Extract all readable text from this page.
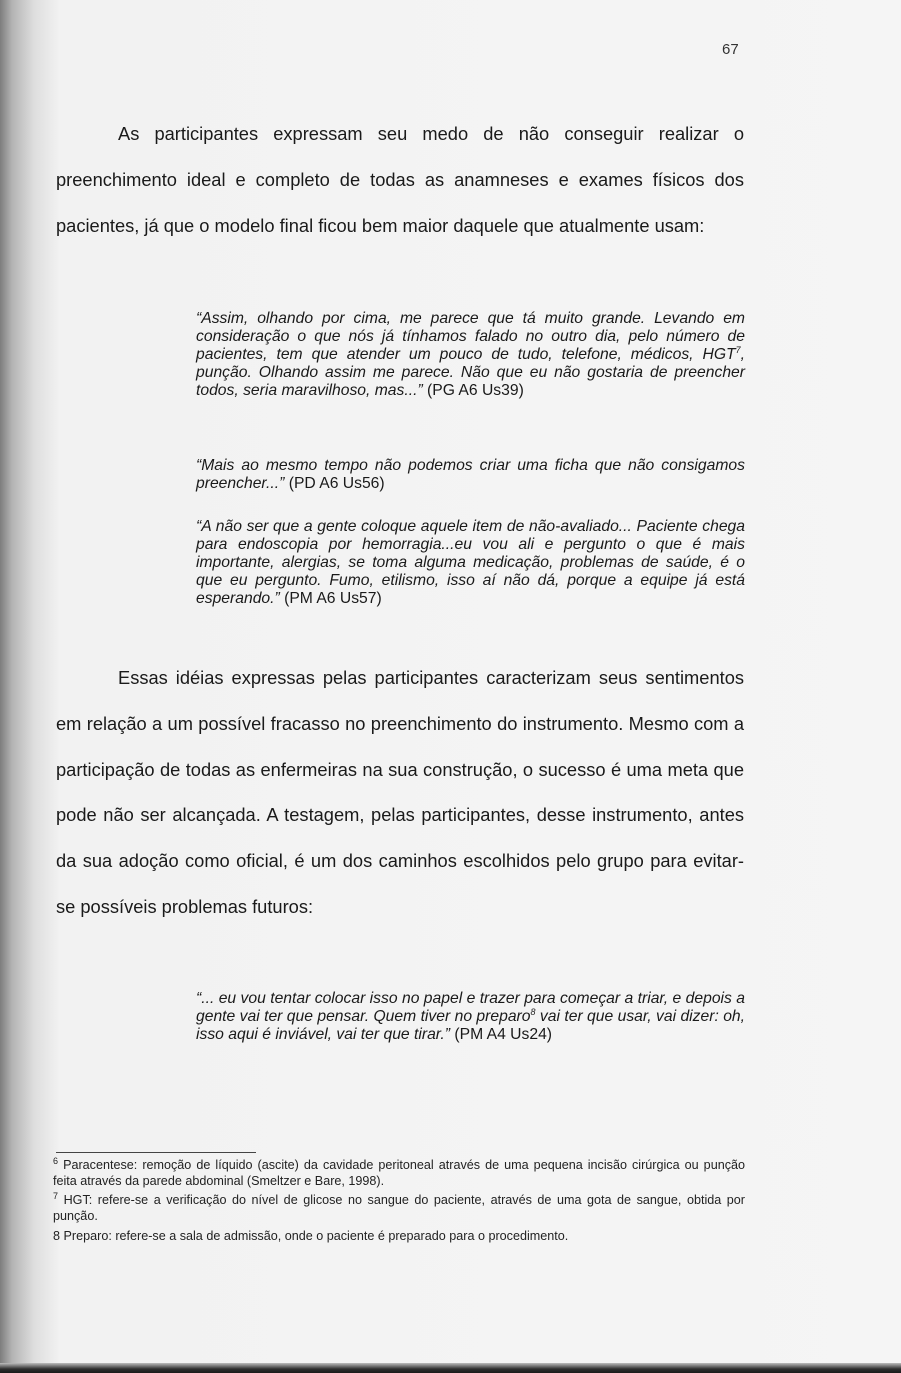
67

As participantes expressam seu medo de não conseguir realizar o preenchimento ideal e completo de todas as anamneses e exames físicos dos pacientes, já que o modelo final ficou bem maior daquele que atualmente usam:

“Assim, olhando por cima, me parece que tá muito grande. Levando em consideração o que nós já tínhamos falado no outro dia, pelo número de pacientes, tem que atender um pouco de tudo, telefone, médicos, HGT$^7$, punção. Olhando assim me parece. Não que eu não gostaria de preencher todos, seria maravilhoso, mas...” (PG A6 Us39)

“Mais ao mesmo tempo não podemos criar uma ficha que não consigamos preencher...” (PD A6 Us56)

“A não ser que a gente coloque aquele item de não-avaliado... Paciente chega para endoscopia por hemorragia...eu vou ali e pergunto o que é mais importante, alergias, se toma alguma medicação, problemas de saúde, é o que eu pergunto. Fumo, etilismo, isso aí não dá, porque a equipe já está esperando.” (PM A6 Us57)

Essas idéias expressas pelas participantes caracterizam seus sentimentos em relação a um possível fracasso no preenchimento do instrumento. Mesmo com a participação de todas as enfermeiras na sua construção, o sucesso é uma meta que pode não ser alcançada. A testagem, pelas participantes, desse instrumento, antes da sua adoção como oficial, é um dos caminhos escolhidos pelo grupo para evitar-se possíveis problemas futuros:

“... eu vou tentar colocar isso no papel e trazer para começar a triar, e depois a gente vai ter que pensar. Quem tiver no preparo$^8$ vai ter que usar, vai dizer: oh, isso aqui é inviável, vai ter que tirar.” (PM A4 Us24)

$^6$ Paracentese: remoção de líquido (ascite) da cavidade peritoneal através de uma pequena incisão cirúrgica ou punção feita através da parede abdominal (Smeltzer e Bare, 1998).

$^7$ HGT: refere-se a verificação do nível de glicose no sangue do paciente, através de uma gota de sangue, obtida por punção.

8 Preparo: refere-se a sala de admissão, onde o paciente é preparado para o procedimento.
